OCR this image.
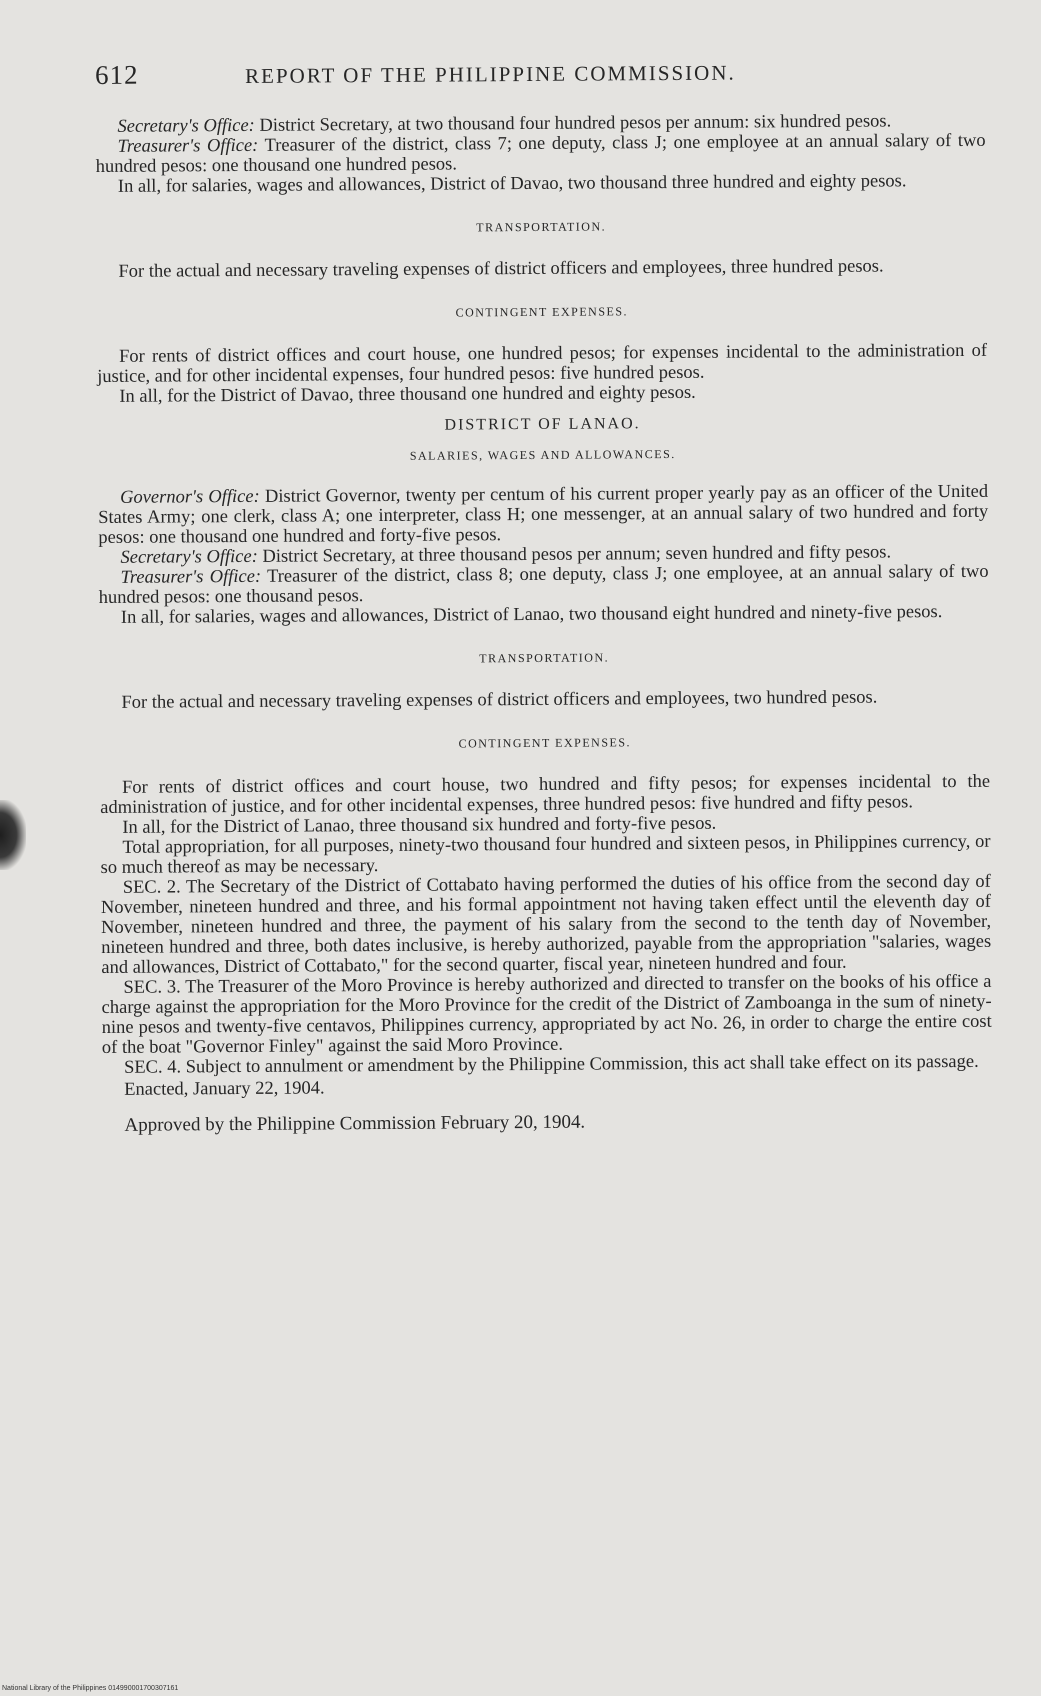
612	REPORT OF THE PHILIPPINE COMMISSION.

Secretary's Office: District Secretary, at two thousand four hundred pesos per annum: six hundred pesos.

Treasurer's Office: Treasurer of the district, class 7; one deputy, class J; one employee at an annual salary of two hundred pesos: one thousand one hundred pesos.

In all, for salaries, wages and allowances, District of Davao, two thousand three hundred and eighty pesos.

TRANSPORTATION.

For the actual and necessary traveling expenses of district officers and employees, three hundred pesos.

CONTINGENT EXPENSES.

For rents of district offices and court house, one hundred pesos; for expenses incidental to the administration of justice, and for other incidental expenses, four hundred pesos: five hundred pesos.

In all, for the District of Davao, three thousand one hundred and eighty pesos.

DISTRICT OF LANAO.
SALARIES, WAGES AND ALLOWANCES.

Governor's Office: District Governor, twenty per centum of his current proper yearly pay as an officer of the United States Army; one clerk, class A; one interpreter, class H; one messenger, at an annual salary of two hundred and forty pesos: one thousand one hundred and forty-five pesos.

Secretary's Office: District Secretary, at three thousand pesos per annum; seven hundred and fifty pesos.

Treasurer's Office: Treasurer of the district, class 8; one deputy, class J; one employee, at an annual salary of two hundred pesos: one thousand pesos.

In all, for salaries, wages and allowances, District of Lanao, two thousand eight hundred and ninety-five pesos.

TRANSPORTATION.

For the actual and necessary traveling expenses of district officers and employees, two hundred pesos.

CONTINGENT EXPENSES.

For rents of district offices and court house, two hundred and fifty pesos; for expenses incidental to the administration of justice, and for other incidental expenses, three hundred pesos: five hundred and fifty pesos.

In all, for the District of Lanao, three thousand six hundred and forty-five pesos.

Total appropriation, for all purposes, ninety-two thousand four hundred and sixteen pesos, in Philippines currency, or so much thereof as may be necessary.

SEC. 2. The Secretary of the District of Cottabato having performed the duties of his office from the second day of November, nineteen hundred and three, and his formal appointment not having taken effect until the eleventh day of November, nineteen hundred and three, the payment of his salary from the second to the tenth day of November, nineteen hundred and three, both dates inclusive, is hereby authorized, payable from the appropriation "salaries, wages and allowances, District of Cottabato," for the second quarter, fiscal year, nineteen hundred and four.

SEC. 3. The Treasurer of the Moro Province is hereby authorized and directed to transfer on the books of his office a charge against the appropriation for the Moro Province for the credit of the District of Zamboanga in the sum of ninety-nine pesos and twenty-five centavos, Philippines currency, appropriated by act No. 26, in order to charge the entire cost of the boat "Governor Finley" against the said Moro Province.

SEC. 4. Subject to annulment or amendment by the Philippine Commission, this act shall take effect on its passage.

Enacted, January 22, 1904.

Approved by the Philippine Commission February 20, 1904.

National Library of the Philippines 014990001700307161
